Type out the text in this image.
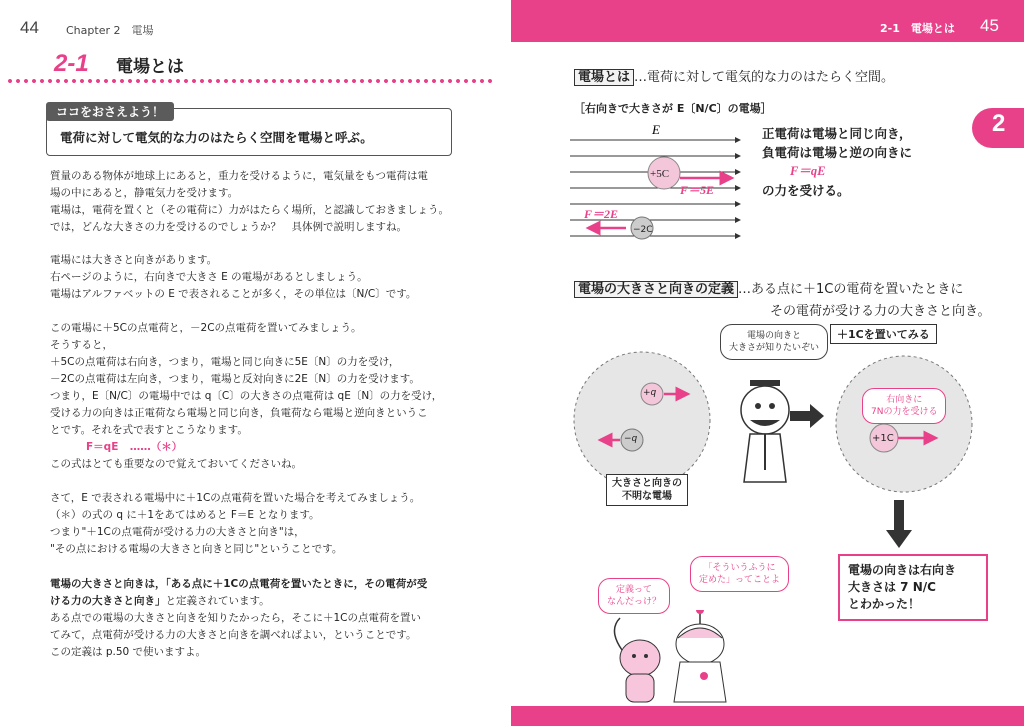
44 Chapter 2　電場
2-1 電場とは
ココをおさえよう！
電荷に対して電気的な力のはたらく空間を電場と呼ぶ。
質量のある物体が地球上にあると，重力を受けるように，電気量をもつ電荷は電
場の中にあると，静電気力を受けます。
電場は，電荷を置くと（その電荷に）力がはたらく場所，と認識しておきましょう。
では，どんな大きさの力を受けるのでしょうか？　具体例で説明しますね。
電場には大きさと向きがあります。
右ページのように，右向きで大きさ E の電場があるとしましょう。
電場はアルファベットの E で表されることが多く，その単位は〔N/C〕です。
この電場に＋5Cの点電荷と，－2Cの点電荷を置いてみましょう。
そうすると，
＋5Cの点電荷は右向き，つまり，電場と同じ向きに5E〔N〕の力を受け，
－2Cの点電荷は左向き，つまり，電場と反対向きに2E〔N〕の力を受けます。
つまり，E〔N/C〕の電場中では q〔C〕の大きさの点電荷は qE〔N〕の力を受け，
受ける力の向きは正電荷なら電場と同じ向き，負電荷なら電場と逆向きというこ
とです。それを式で表すとこうなります。
F＝qE ……（＊）
この式はとても重要なので覚えておいてくださいね。
さて，E で表される電場中に＋1Cの点電荷を置いた場合を考えてみましょう。
（＊）の式の q に＋1をあてはめると F＝E となります。
つまり"＋1Cの点電荷が受ける力の大きさと向き"は，
"その点における電場の大きさと向きと同じ"ということです。
電場の大きさと向きは，「ある点に＋1Cの点電荷を置いたときに，その電荷が受
ける力の大きさと向き」と定義されています。
ある点での電場の大きさと向きを知りたかったら，そこに＋1Cの点電荷を置い
てみて，点電荷が受ける力の大きさと向きを調べればよい，ということです。
この定義は p.50 で使いますよ。
2-1　電場とは 45
2
電場とは …電荷に対して電気的な力のはたらく空間。
［右向きで大きさが E〔N/C〕の電場］
E
+5C
F＝5E
F＝2E
−2C
正電荷は電場と同じ向き，
負電荷は電場と逆の向きに
F＝qE
の力を受ける。
電場の大きさと向きの定義 …ある点に＋1Cの電荷を置いたときに
その電荷が受ける力の大きさと向き。
+q
−q
大きさと向きの
不明な電場
電場の向きと
大きさが知りたいぞい
＋1Cを置いてみる
+1C
右向きに
7Nの力を受ける
電場の向きは右向き
大きさは 7 N/C
とわかった！
「そういうふうに
定めた」ってことよ
定義って
なんだっけ？
